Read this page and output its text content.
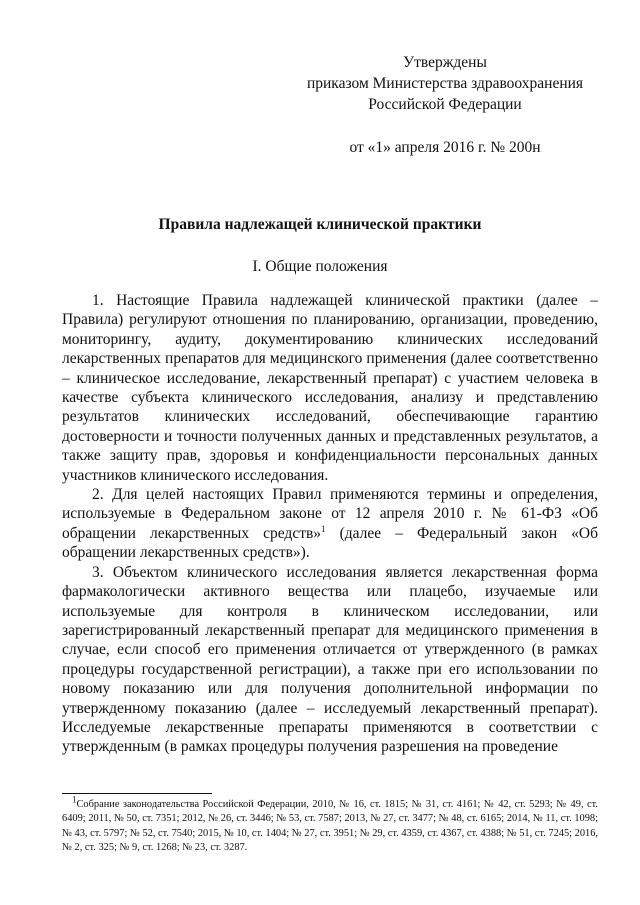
Утверждены
приказом Министерства здравоохранения
Российской Федерации
от «1» апреля 2016 г. № 200н
Правила надлежащей клинической практики
I. Общие положения

1. Настоящие Правила надлежащей клинической практики (далее – Правила) регулируют отношения по планированию, организации, проведению, мониторингу, аудиту, документированию клинических исследований лекарственных препаратов для медицинского применения (далее соответственно – клиническое исследование, лекарственный препарат) с участием человека в качестве субъекта клинического исследования, анализу и представлению результатов клинических исследований, обеспечивающие гарантию достоверности и точности полученных данных и представленных результатов, а также защиту прав, здоровья и конфиденциальности персональных данных участников клинического исследования.

2. Для целей настоящих Правил применяются термины и определения, используемые в Федеральном законе от 12 апреля 2010 г. № 61-ФЗ «Об обращении лекарственных средств»$^1$ (далее – Федеральный закон «Об обращении лекарственных средств»).

3. Объектом клинического исследования является лекарственная форма фармакологически активного вещества или плацебо, изучаемые или используемые для контроля в клиническом исследовании, или зарегистрированный лекарственный препарат для медицинского применения в случае, если способ его применения отличается от утвержденного (в рамках процедуры государственной регистрации), а также при его использовании по новому показанию или для получения дополнительной информации по утвержденному показанию (далее – исследуемый лекарственный препарат). Исследуемые лекарственные препараты применяются в соответствии с утвержденным (в рамках процедуры получения разрешения на проведение

$^1$Собрание законодательства Российской Федерации, 2010, № 16, ст. 1815; № 31, ст. 4161; № 42, ст. 5293; № 49, ст. 6409; 2011, № 50, ст. 7351; 2012, № 26, ст. 3446; № 53, ст. 7587; 2013, № 27, ст. 3477; № 48, ст. 6165; 2014, № 11, ст. 1098; № 43, ст. 5797; № 52, ст. 7540; 2015, № 10, ст. 1404; № 27, ст. 3951; № 29, ст. 4359, ст. 4367, ст. 4388; № 51, ст. 7245; 2016, № 2, ст. 325; № 9, ст. 1268; № 23, ст. 3287.
